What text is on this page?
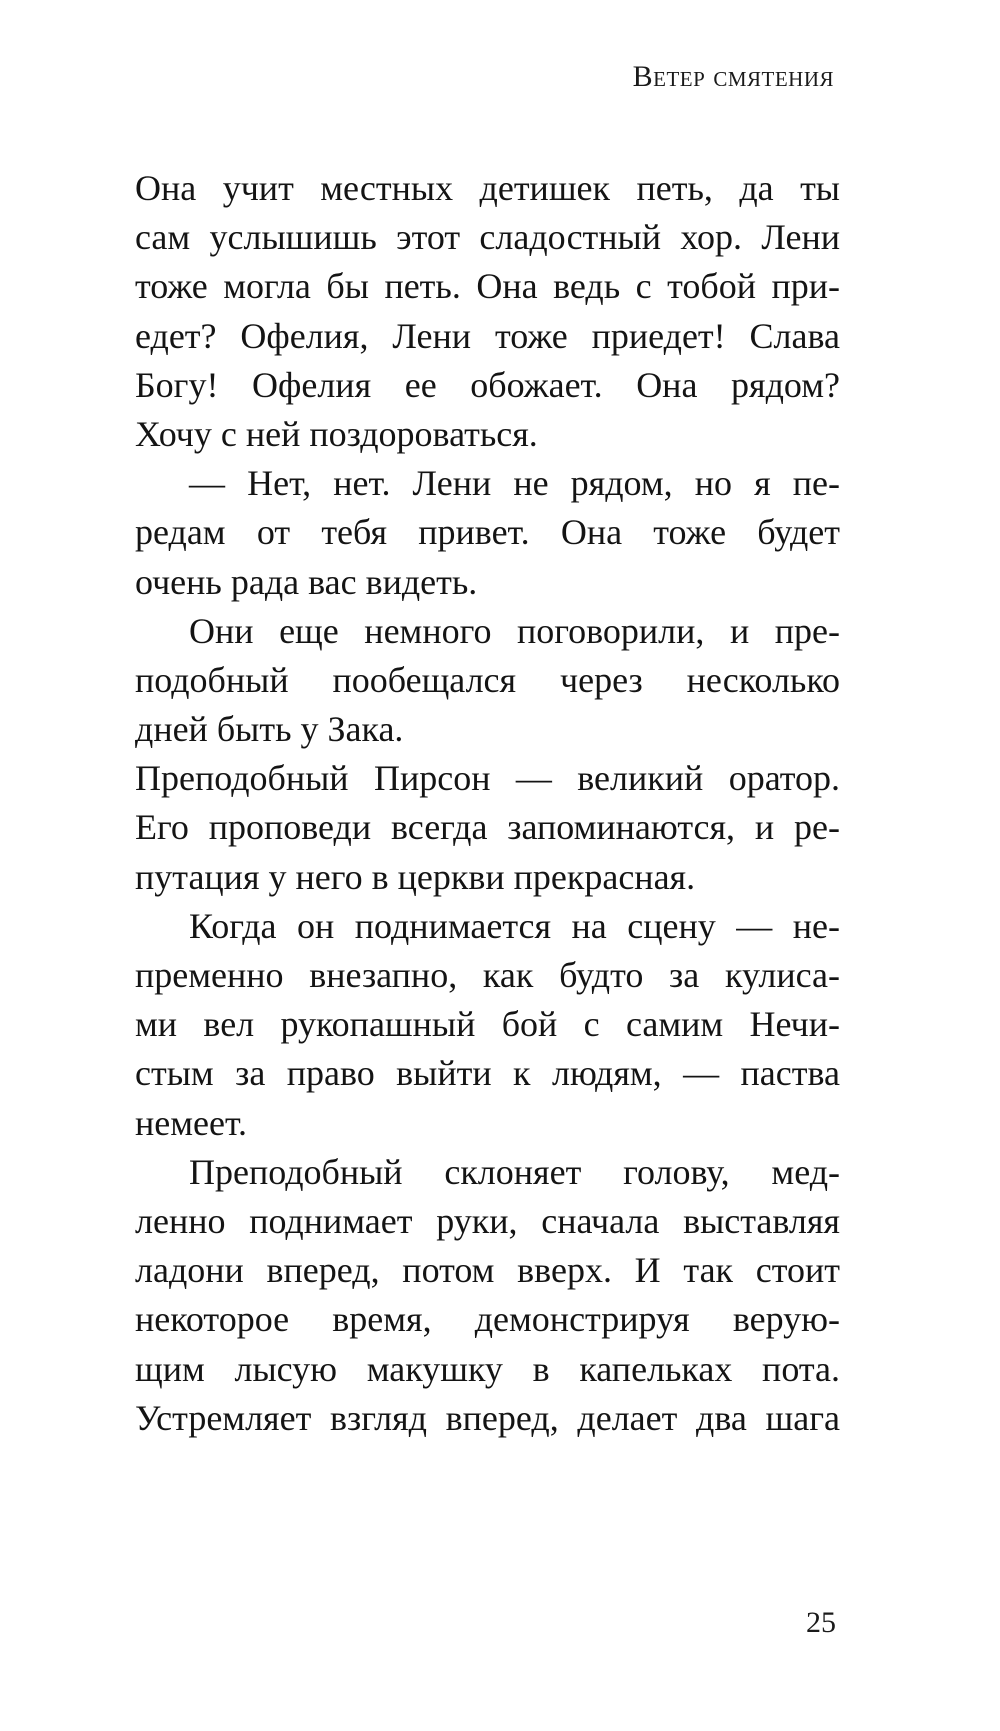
Ветер смятения
Она учит местных детишек петь, да ты
сам услышишь этот сладостный хор. Лени
тоже могла бы петь. Она ведь с тобой при-
едет? Офелия, Лени тоже приедет! Слава
Богу! Офелия ее обожает. Она рядом?
Хочу с ней поздороваться.
— Нет, нет. Лени не рядом, но я пе-
редам от тебя привет. Она тоже будет
очень рада вас видеть.
Они еще немного поговорили, и пре-
подобный пообещался через несколько
дней быть у Зака.
Преподобный Пирсон — великий оратор.
Его проповеди всегда запоминаются, и ре-
путация у него в церкви прекрасная.
Когда он поднимается на сцену — не-
пременно внезапно, как будто за кулиса-
ми вел рукопашный бой с самим Нечи-
стым за право выйти к людям, — паства
немеет.
Преподобный склоняет голову, мед-
ленно поднимает руки, сначала выставляя
ладони вперед, потом вверх. И так стоит
некоторое время, демонстрируя верую-
щим лысую макушку в капельках пота.
Устремляет взгляд вперед, делает два шага
25
